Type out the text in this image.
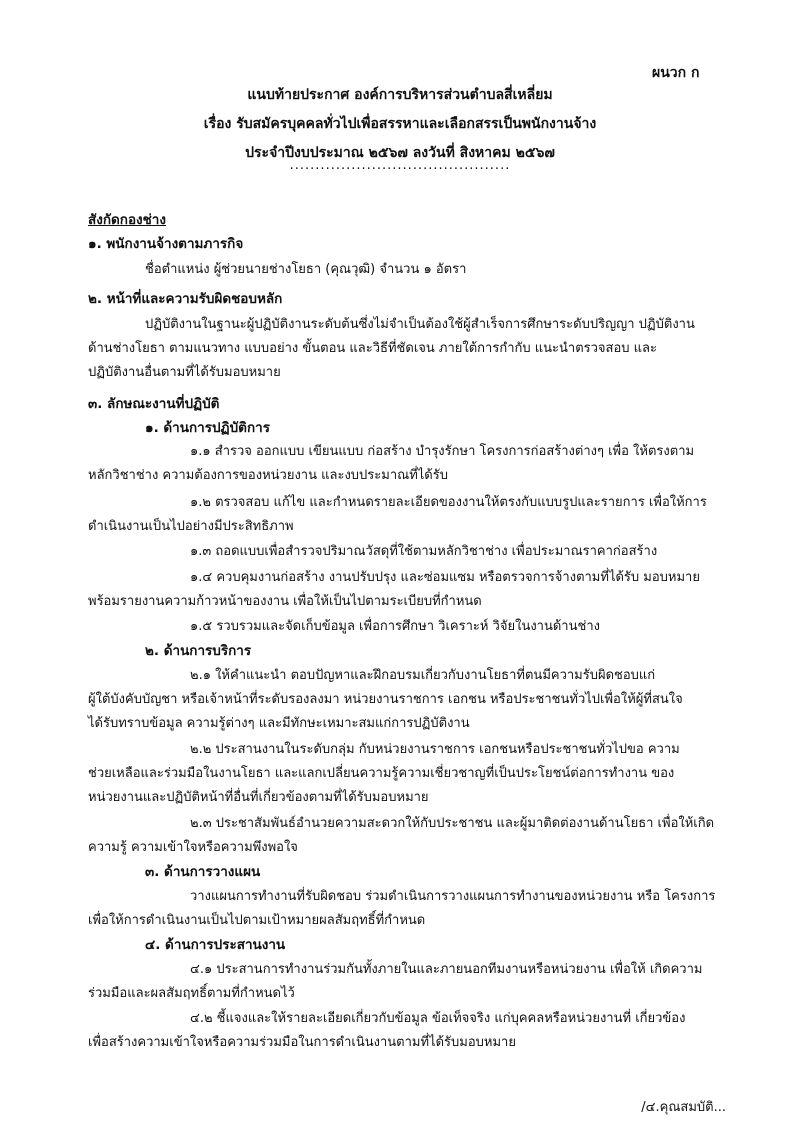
ผนวก ก
แนบท้ายประกาศ องค์การบริหารส่วนตำบลสี่เหลี่ยม
เรื่อง รับสมัครบุคคลทั่วไปเพื่อสรรหาและเลือกสรรเป็นพนักงานจ้าง
ประจำปีงบประมาณ ๒๕๖๗ ลงวันที่ สิงหาคม ๒๕๖๗
...........................................
สังกัดกองช่าง
๑. พนักงานจ้างตามภารกิจ
ชื่อตำแหน่ง ผู้ช่วยนายช่างโยธา (คุณวุฒิ) จำนวน ๑ อัตรา
๒. หน้าที่และความรับผิดชอบหลัก
ปฏิบัติงานในฐานะผู้ปฏิบัติงานระดับต้นซึ่งไม่จำเป็นต้องใช้ผู้สำเร็จการศึกษาระดับปริญญา ปฏิบัติงาน
ด้านช่างโยธา ตามแนวทาง แบบอย่าง ขั้นตอน และวิธีที่ชัดเจน ภายใต้การกำกับ แนะนำตรวจสอบ และ
ปฏิบัติงานอื่นตามที่ได้รับมอบหมาย
๓. ลักษณะงานที่ปฏิบัติ
๑. ด้านการปฏิบัติการ
๑.๑ สำรวจ ออกแบบ เขียนแบบ ก่อสร้าง บำรุงรักษา โครงการก่อสร้างต่างๆ เพื่อ ให้ตรงตาม
หลักวิชาช่าง ความต้องการของหน่วยงาน และงบประมาณที่ได้รับ
๑.๒ ตรวจสอบ แก้ไข และกำหนดรายละเอียดของงานให้ตรงกับแบบรูปและรายการ เพื่อให้การ
ดำเนินงานเป็นไปอย่างมีประสิทธิภาพ
๑.๓ ถอดแบบเพื่อสำรวจปริมาณวัสดุที่ใช้ตามหลักวิชาช่าง เพื่อประมาณราคาก่อสร้าง
๑.๔ ควบคุมงานก่อสร้าง งานปรับปรุง และซ่อมแซม หรือตรวจการจ้างตามที่ได้รับ มอบหมาย
พร้อมรายงานความก้าวหน้าของงาน เพื่อให้เป็นไปตามระเบียบที่กำหนด
๑.๕ รวบรวมและจัดเก็บข้อมูล เพื่อการศึกษา วิเคราะห์ วิจัยในงานด้านช่าง
๒. ด้านการบริการ
๒.๑ ให้คำแนะนำ ตอบปัญหาและฝึกอบรมเกี่ยวกับงานโยธาที่ตนมีความรับผิดชอบแก่
ผู้ใต้บังคับบัญชา หรือเจ้าหน้าที่ระดับรองลงมา หน่วยงานราชการ เอกชน หรือประชาชนทั่วไปเพื่อให้ผู้ที่สนใจ
ได้รับทราบข้อมูล ความรู้ต่างๆ และมีทักษะเหมาะสมแก่การปฏิบัติงาน
๒.๒ ประสานงานในระดับกลุ่ม กับหน่วยงานราชการ เอกชนหรือประชาชนทั่วไปขอ ความ
ช่วยเหลือและร่วมมือในงานโยธา และแลกเปลี่ยนความรู้ความเชี่ยวชาญที่เป็นประโยชน์ต่อการทำงาน ของ
หน่วยงานและปฏิบัติหน้าที่อื่นที่เกี่ยวข้องตามที่ได้รับมอบหมาย
๒.๓ ประชาสัมพันธ์อำนวยความสะดวกให้กับประชาชน และผู้มาติดต่องานด้านโยธา เพื่อให้เกิด
ความรู้ ความเข้าใจหรือความพึงพอใจ
๓. ด้านการวางแผน
วางแผนการทำงานที่รับผิดชอบ ร่วมดำเนินการวางแผนการทำงานของหน่วยงาน หรือ โครงการ
เพื่อให้การดำเนินงานเป็นไปตามเป้าหมายผลสัมฤทธิ์ที่กำหนด
๔. ด้านการประสานงาน
๔.๑ ประสานการทำงานร่วมกันทั้งภายในและภายนอกทีมงานหรือหน่วยงาน เพื่อให้ เกิดความ
ร่วมมือและผลสัมฤทธิ์ตามที่กำหนดไว้
๔.๒ ชี้แจงและให้รายละเอียดเกี่ยวกับข้อมูล ข้อเท็จจริง แก่บุคคลหรือหน่วยงานที่ เกี่ยวข้อง
เพื่อสร้างความเข้าใจหรือความร่วมมือในการดำเนินงานตามที่ได้รับมอบหมาย
/๔.คุณสมบัติ...
